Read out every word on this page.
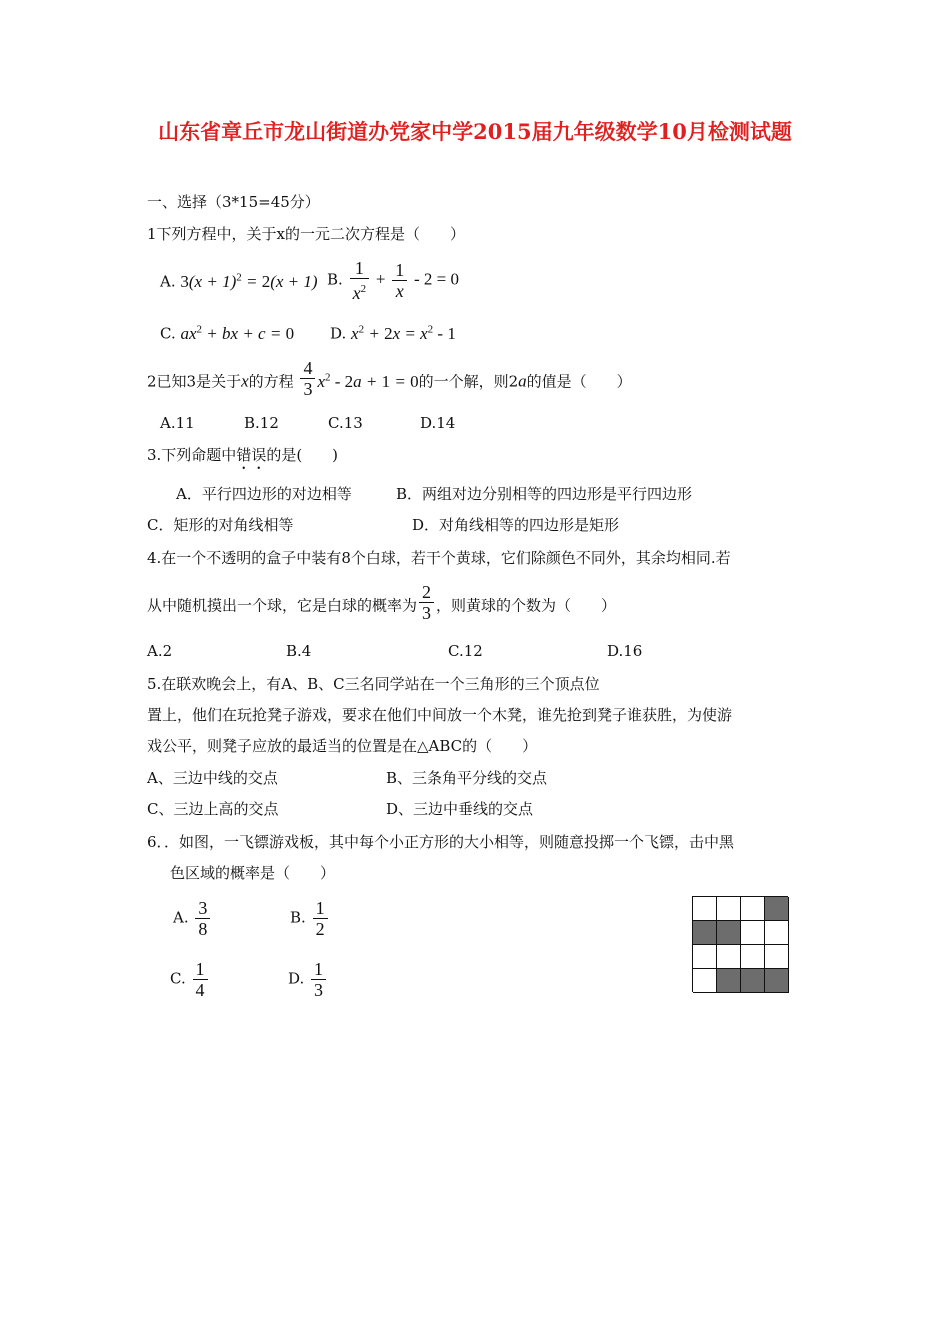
山东省章丘市龙山街道办党家中学2015届九年级数学10月检测试题
一、选择（3*15=45分）
1下列方程中，关于x的一元二次方程是（　　）
A. $3(x + 1)^2 = 2(x + 1)$ B. $\frac{1}{x^2} + \frac{1}{x} - 2 = 0$
C. $ax^2$ + bx + c = 0 D. $x^2 + 2x = x^2 - 1$
2已知3是关于x的方程 $\frac{4}{3} x^2 - 2a + 1 = 0$的一个解，则2a的值是（　　）
A.11	B.12	C.13	D.14
3.下列命题中错误的是(　　)
A．平行四边形的对边相等	B．两组对边分别相等的四边形是平行四边形
C．矩形的对角线相等	D．对角线相等的四边形是矩形
4.在一个不透明的盒子中装有8个白球，若干个黄球，它们除颜色不同外，其余均相同.若
从中随机摸出一个球，它是白球的概率为 $\frac{2}{3}$ ，则黄球的个数为（　　）
A.2	B.4	C.12	D.16
5.在联欢晚会上，有A、B、C三名同学站在一个三角形的三个顶点位
置上，他们在玩抢凳子游戏，要求在他们中间放一个木凳，谁先抢到凳子谁获胜，为使游
戏公平，则凳子应放的最适当的位置是在△ABC的（　　）
A、三边中线的交点	B、三条角平分线的交点
C、三边上高的交点	D、三边中垂线的交点
6．．如图，一飞镖游戏板，其中每个小正方形的大小相等，则随意投掷一个飞镖，击中黑
色区域的概率是（　　）
A. $\frac{3}{8}$	B. $\frac{1}{2}$
C. $\frac{1}{4}$	D. $\frac{1}{3}$
